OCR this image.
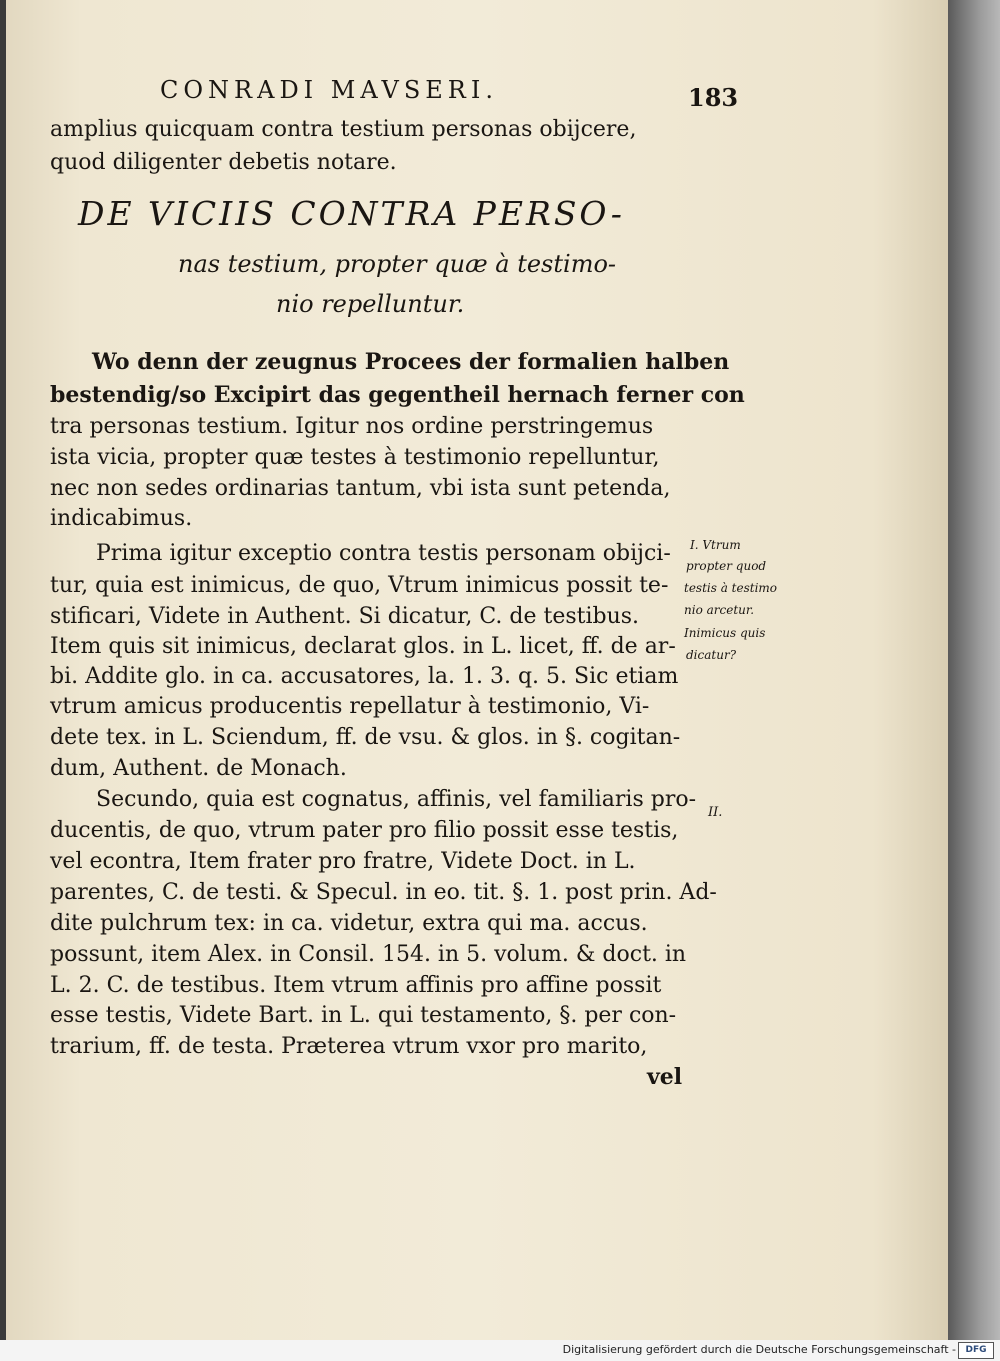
CONRADI MAVSERI.	183
amplius quicquam contra testium personas obijcere,
quod diligenter debetis notare.
DE VICIIS CONTRA PERSO-
nas testium, propter quæ à testimo-
nio repelluntur.
Wo denn der zeugnus Procees der formalien halben
bestendig/so Excipirt das gegentheil hernach ferner con
tra personas testium. Igitur nos ordine perstringemus
ista vicia, propter quæ testes à testimonio repelluntur,
nec non sedes ordinarias tantum, vbi ista sunt petenda,
indicabimus.
Prima igitur exceptio contra testis personam obijci-
tur, quia est inimicus, de quo, Vtrum inimicus possit te-
stificari, Videte in Authent. Si dicatur, C. de testibus.
Item quis sit inimicus, declarat glos. in L. licet, ff. de ar-
bi. Addite glo. in ca. accusatores, la. 1. 3. q. 5. Sic etiam
vtrum amicus producentis repellatur à testimonio, Vi-
dete tex. in L. Sciendum, ff. de vsu. & glos. in §. cogitan-
dum, Authent. de Monach.
Secundo, quia est cognatus, affinis, vel familiaris pro-
ducentis, de quo, vtrum pater pro filio possit esse testis,
vel econtra, Item frater pro fratre, Videte Doct. in L.
parentes, C. de testi. & Specul. in eo. tit. §. 1. post prin. Ad-
dite pulchrum tex: in ca. videtur, extra qui ma. accus.
possunt, item Alex. in Consil. 154. in 5. volum. & doct. in
L. 2. C. de testibus. Item vtrum affinis pro affine possit
esse testis, Videte Bart. in L. qui testamento, §. per con-
trarium, ff. de testa. Præterea vtrum vxor pro marito,
vel
I. Vtrum
propter quod
testis à testimo
nio arcetur.
Inimicus quis
dicatur?
II.
Digitalisierung gefördert durch die Deutsche Forschungsgemeinschaft -	DFG
